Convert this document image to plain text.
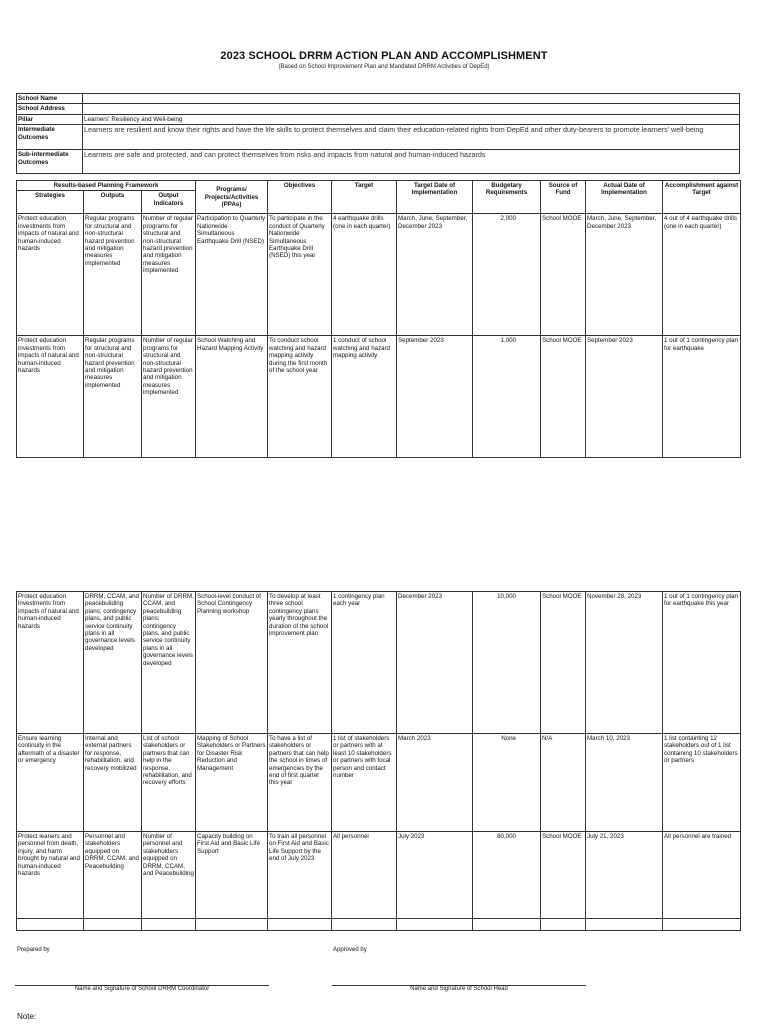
2023 SCHOOL DRRM ACTION PLAN AND ACCOMPLISHMENT
(Based on School Improvement Plan and Mandated DRRM Activities of DepEd)
School Name	
School Address	
Pillar	Learners' Resiliency and Well-being
Intermediate Outcomes	Learners are resilient and know their rights and have the life skills to protect themselves and claim their education-related rights from DepEd and other duty-bearers to promote learners' well-being
Sub-intermediate Outcomes	Learners are safe and protected, and can protect themselves from risks and impacts from natural and human-induced hazards
Results-based Planning Framework			Programs/ Projects/Activities (PPAs)	Objectives	Target	Target Date of Implementation	Budgetary Requirements	Source of Fund	Actual Date of Implementation	Accomplishment against Target
Strategies	Outputs	Output Indicators								
Protect education investments from impacts of natural and human-induced hazards	Regular programs for structural and non-structural hazard prevention and mitigation measures implemented	Number of regular programs for structural and non-structural hazard prevention and mitigation measures implemented	Participation to Quarterly Nationwide Simultaneous Earthquake Drill (NSED)	To participate in the conduct of Quarterly Nationwide Simultaneous Earthquake Drill (NSED) this year	4 earthquake drills (one in each quarter)	March, June, September, December 2023	2,000	School MOOE	March, June, September, December 2023	4 out of 4 earthquake drills (one in each quarter)
Protect education investments from impacts of natural and human-induced hazards	Regular programs for structural and non-structural hazard prevention and mitigation measures implemented	Number of regular programs for structural and non-structural hazard prevention and mitigation measures implemented	School Watching and Hazard Mapping Activity	To conduct school watching and hazard mapping activity during the first month of the school year	1 conduct of school watching and hazard mapping activity	September 2023	1,000	School MOOE	September 2023	1 out of 1 contingency plan for earthquake
Protect education investments from impacts of natural and human-induced hazards	DRRM, CCAM, and peacebuilding plans; contingency plans, and public service continuity plans in all governance levels developed	Number of DRRM, CCAM, and peacebuilding plans; contingency plans, and public service continuity plans in all governance levels developed	School-level conduct of School Contingency Planning workshop	To develop at least three school contingency plans yearly throughout the duration of the school improvement plan	1 contingency plan each year	December 2023	10,000	School MOOE	November 28, 2023	1 out of 1 contingency plan for earthquake this year
Ensure learning continuity in the aftermath of a disaster or emergency	Internal and external partners for response, rehabilitation, and recovery mobilized	List of school stakeholders or partners that can help in the response, rehabilitation, and recovery efforts	Mapping of School Stakeholders or Partners for Disaster Risk Reduction and Management	To have a list of stakeholders or partners that can help the school in times of emergencies by the end of first quarter this year	1 list of stakeholders or partners with at least 10 stakeholders or partners with focal person and contact number	March 2023	None	N/A	March 10, 2023	1 list containting 12 stakeholders out of 1 list containing 10 stakeholders or partners
Protect leaners and personnel from death, injury, and harm brought by natural and human-induced hazards	Personnel and stakeholders equipped on DRRM, CCAM, and Peacebuilding	Number of personnel and stakeholders equipped on DRRM, CCAM, and Peacebuilding	Capacity building on First Aid and Basic Life Support	To train all personnel on First Aid and Basic Life Support by the end of July 2023	All personnel	July 2023	80,000	School MOOE	July 21, 2023	All personnel are trained

Prepared by	Approved by
Name and Signature of School DRRM Coordinator	Name and Signature of School Head
Note:
